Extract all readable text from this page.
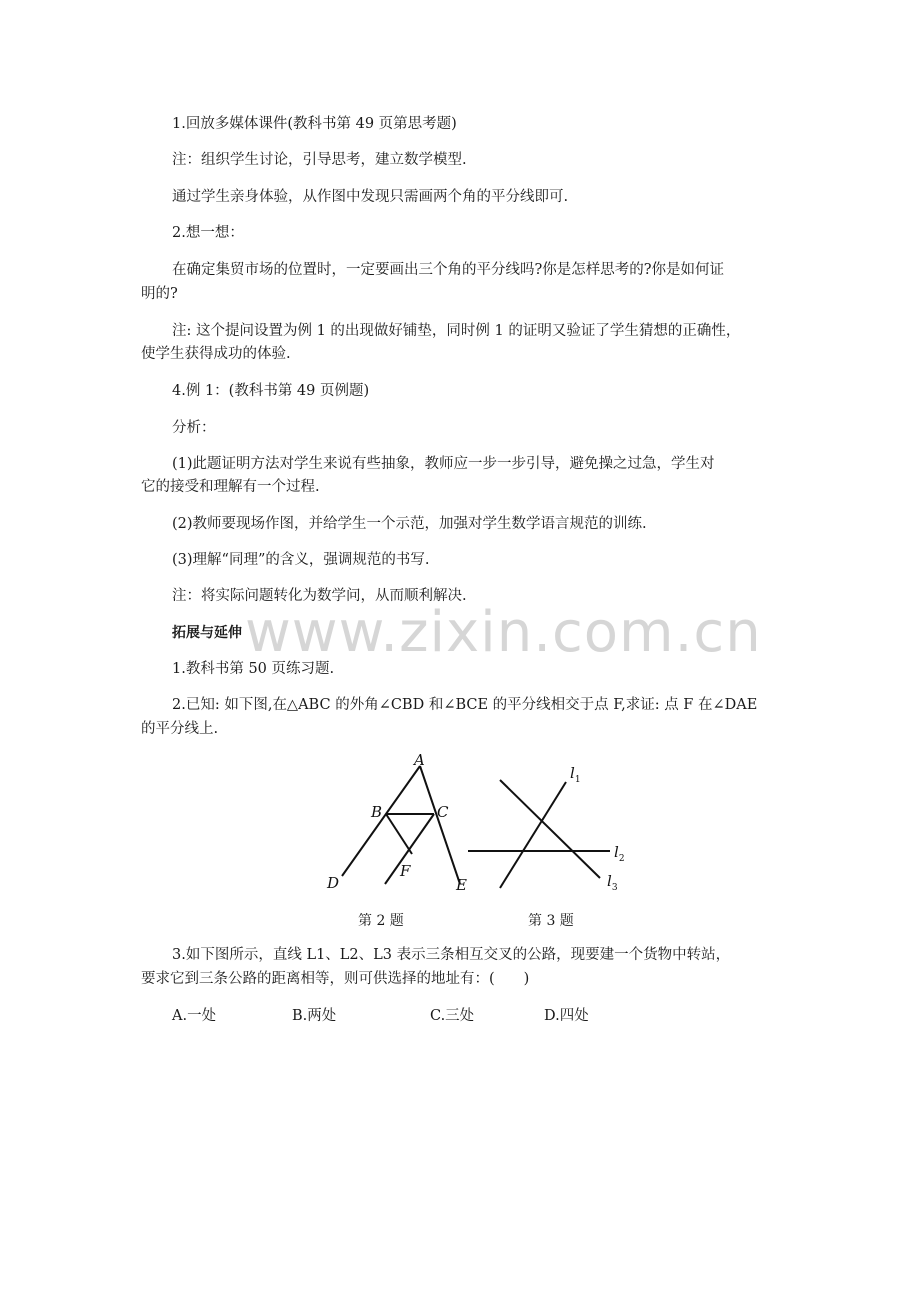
www.zixin.com.cn
1.回放多媒体课件(教科书第 49 页第思考题)
注：组织学生讨论，引导思考，建立数学模型.
通过学生亲身体验，从作图中发现只需画两个角的平分线即可.
2.想一想：
在确定集贸市场的位置时，一定要画出三个角的平分线吗?你是怎样思考的?你是如何证
明的?
注: 这个提问设置为例 1 的出现做好铺垫，同时例 1 的证明又验证了学生猜想的正确性，
使学生获得成功的体验.
4.例 1：(教科书第 49 页例题)
分析：
(1)此题证明方法对学生来说有些抽象，教师应一步一步引导，避免操之过急，学生对
它的接受和理解有一个过程.
(2)教师要现场作图，并给学生一个示范，加强对学生数学语言规范的训练.
(3)理解“同理”的含义，强调规范的书写.
注：将实际问题转化为数学问，从而顺利解决.
拓展与延伸
1.教科书第 50 页练习题.
2.已知: 如下图,在△ABC 的外角∠CBD 和∠BCE 的平分线相交于点 F,求证: 点 F 在∠DAE
的平分线上.
A
B	C
D	E
F
$l_1$
$l_2$
$l_3$
第 2 题	第 3 题
3.如下图所示，直线 L1、L2、L3 表示三条相互交叉的公路，现要建一个货物中转站，
要求它到三条公路的距离相等，则可供选择的地址有：(　　)
A.一处	B.两处	C.三处	D.四处
